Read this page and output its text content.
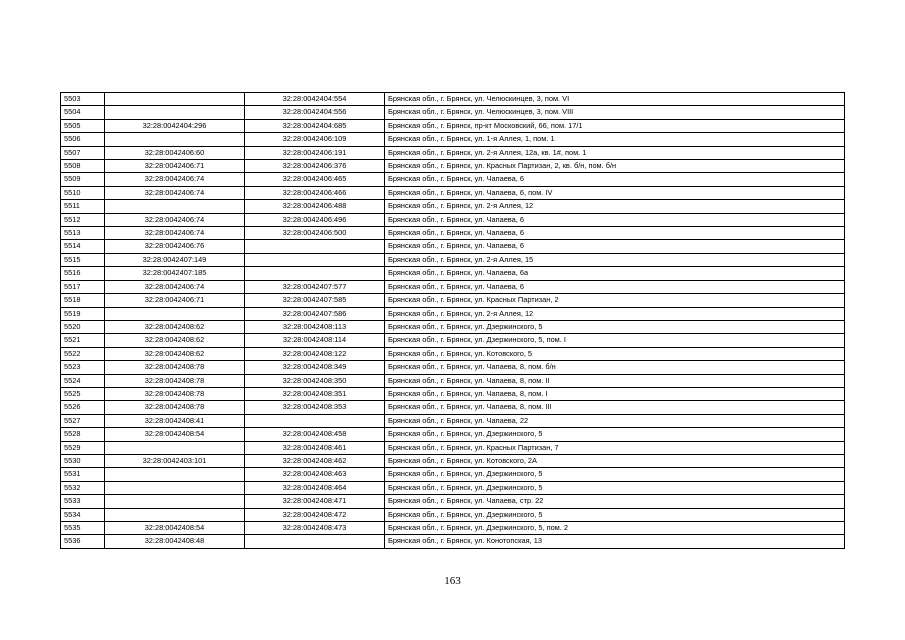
5503		32:28:0042404:554	Брянская обл., г. Брянск, ул. Челюскинцев, 3, пом. VI
5504		32:28:0042404:556	Брянская обл., г. Брянск, ул. Челюскинцев, 3, пом. VIII
5505	32:28:0042404:296	32:28:0042404:685	Брянская обл., г. Брянск, пр-кт Московский, 66, пом. 17/1
5506		32:28:0042406:109	Брянская обл., г. Брянск, ул. 1-я Аллея, 1, пом. 1
5507	32:28:0042406:60	32:28:0042406:191	Брянская обл., г. Брянск, ул. 2-я Аллея, 12а, кв. 1#, пом. 1
5508	32:28:0042406:71	32:28:0042406:376	Брянская обл., г. Брянск, ул. Красных Партизан, 2, кв. б/н, пом. б/н
5509	32:28:0042406:74	32:28:0042406:465	Брянская обл., г. Брянск, ул. Чапаева, 6
5510	32:28:0042406:74	32:28:0042406:466	Брянская обл., г. Брянск, ул. Чапаева, 6, пом. IV
5511		32:28:0042406:488	Брянская обл., г. Брянск, ул. 2-я Аллея, 12
5512	32:28:0042406:74	32:28:0042406:496	Брянская обл., г. Брянск, ул. Чапаева, 6
5513	32:28:0042406:74	32:28:0042406:500	Брянская обл., г. Брянск, ул. Чапаева, 6
5514	32:28:0042406:76		Брянская обл., г. Брянск, ул. Чапаева, 6
5515	32:28:0042407:149		Брянская обл., г. Брянск, ул. 2-я Аллея, 15
5516	32:28:0042407:185		Брянская обл., г. Брянск, ул. Чапаева, 6а
5517	32:28:0042406:74	32:28:0042407:577	Брянская обл., г. Брянск, ул. Чапаева, 6
5518	32:28:0042406:71	32:28:0042407:585	Брянская обл., г. Брянск, ул. Красных Партизан, 2
5519		32:28:0042407:586	Брянская обл., г. Брянск, ул. 2-я Аллея, 12
5520	32:28:0042408:62	32:28:0042408:113	Брянская обл., г. Брянск, ул. Дзержинского, 5
5521	32:28:0042408:62	32:28:0042408:114	Брянская обл., г. Брянск, ул. Дзержинского, 5, пом. I
5522	32:28:0042408:62	32:28:0042408:122	Брянская обл., г. Брянск, ул. Котовского, 5
5523	32:28:0042408:78	32:28:0042408:349	Брянская обл., г. Брянск, ул. Чапаева, 8, пом. б/н
5524	32:28:0042408:78	32:28:0042408:350	Брянская обл., г. Брянск, ул. Чапаева, 8, пом. II
5525	32:28:0042408:78	32:28:0042408:351	Брянская обл., г. Брянск, ул. Чапаева, 8, пом. I
5526	32:28:0042408:78	32:28:0042408:353	Брянская обл., г. Брянск, ул. Чапаева, 8, пом. III
5527	32:28:0042408:41		Брянская обл., г. Брянск, ул. Чапаева, 22
5528	32:28:0042408:54	32:28:0042408:458	Брянская обл., г. Брянск, ул. Дзержинского, 5
5529		32:28:0042408:461	Брянская обл., г. Брянск, ул. Красных Партизан, 7
5530	32:28:0042403:101	32:28:0042408:462	Брянская обл., г. Брянск, ул. Котовского, 2А
5531		32:28:0042408:463	Брянская обл., г. Брянск, ул. Дзержинского, 5
5532		32:28:0042408:464	Брянская обл., г. Брянск, ул. Дзержинского, 5
5533		32:28:0042408:471	Брянская обл., г. Брянск, ул. Чапаева, стр. 22
5534		32:28:0042408:472	Брянская обл., г. Брянск, ул. Дзержинского, 5
5535	32:28:0042408:54	32:28:0042408:473	Брянская обл., г. Брянск, ул. Дзержинского, 5, пом. 2
5536	32:28:0042408:48		Брянская обл., г. Брянск, ул. Конотопская, 13
163
